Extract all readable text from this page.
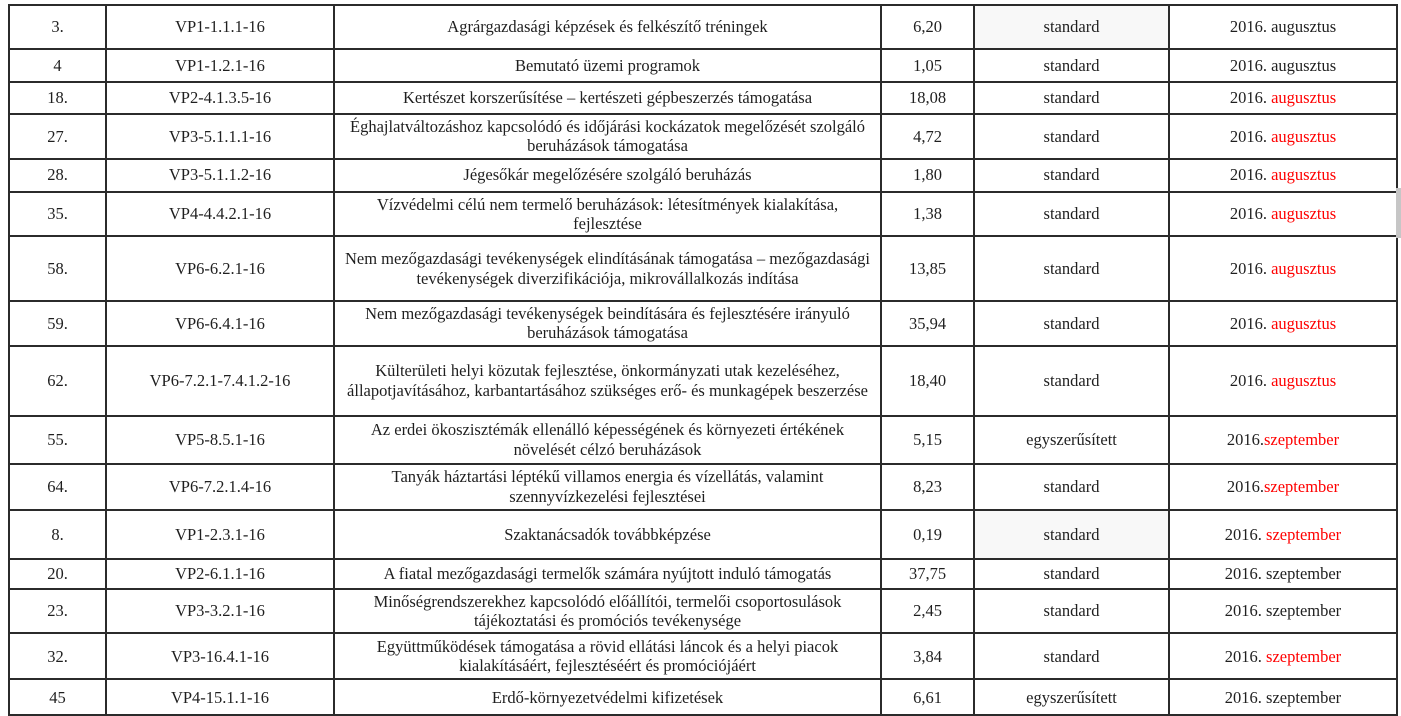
3.	VP1-1.1.1-16	Agrárgazdasági képzések és felkészítő tréningek	6,20	standard	2016. augusztus
4	VP1-1.2.1-16	Bemutató üzemi programok	1,05	standard	2016. augusztus
18.	VP2-4.1.3.5-16	Kertészet korszerűsítése – kertészeti gépbeszerzés támogatása	18,08	standard	2016. augusztus
27.	VP3-5.1.1.1-16	Éghajlatváltozáshoz kapcsolódó és időjárási kockázatok megelőzését szolgáló beruházások támogatása	4,72	standard	2016. augusztus
28.	VP3-5.1.1.2-16	Jégesőkár megelőzésére szolgáló beruházás	1,80	standard	2016. augusztus
35.	VP4-4.4.2.1-16	Vízvédelmi célú nem termelő beruházások: létesítmények kialakítása, fejlesztése	1,38	standard	2016. augusztus
58.	VP6-6.2.1-16	Nem mezőgazdasági tevékenységek elindításának támogatása – mezőgazdasági tevékenységek diverzifikációja, mikrovállalkozás indítása	13,85	standard	2016. augusztus
59.	VP6-6.4.1-16	Nem mezőgazdasági tevékenységek beindítására és fejlesztésére irányuló beruházások támogatása	35,94	standard	2016. augusztus
62.	VP6-7.2.1-7.4.1.2-16	Külterületi helyi közutak fejlesztése, önkormányzati utak kezeléséhez, állapotjavításához, karbantartásához szükséges erő- és munkagépek beszerzése	18,40	standard	2016. augusztus
55.	VP5-8.5.1-16	Az erdei ökoszisztémák ellenálló képességének és környezeti értékének növelését célzó beruházások	5,15	egyszerűsített	2016.szeptember
64.	VP6-7.2.1.4-16	Tanyák háztartási léptékű villamos energia és vízellátás, valamint szennyvízkezelési fejlesztései	8,23	standard	2016.szeptember
8.	VP1-2.3.1-16	Szaktanácsadók továbbképzése	0,19	standard	2016. szeptember
20.	VP2-6.1.1-16	A fiatal mezőgazdasági termelők számára nyújtott induló támogatás	37,75	standard	2016. szeptember
23.	VP3-3.2.1-16	Minőségrendszerekhez kapcsolódó előállítói, termelői csoportosulások tájékoztatási és promóciós tevékenysége	2,45	standard	2016. szeptember
32.	VP3-16.4.1-16	Együttműködések támogatása a rövid ellátási láncok és a helyi piacok kialakításáért, fejlesztéséért és promóciójáért	3,84	standard	2016. szeptember
45	VP4-15.1.1-16	Erdő-környezetvédelmi kifizetések	6,61	egyszerűsített	2016. szeptember
